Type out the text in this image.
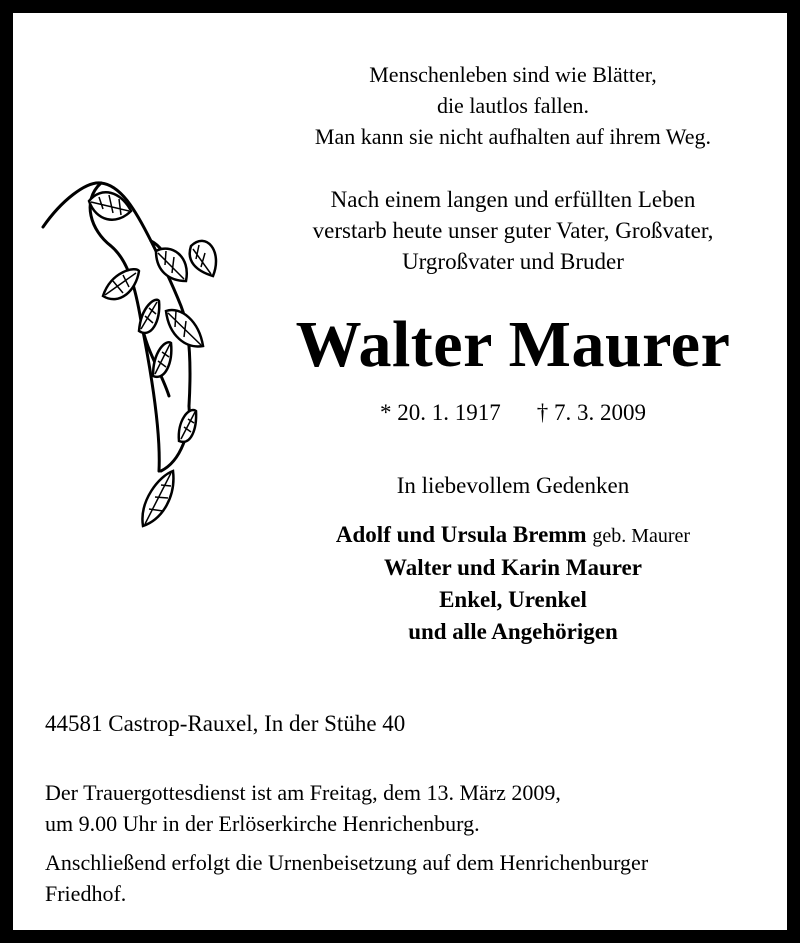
Menschenleben sind wie Blätter,
die lautlos fallen.
Man kann sie nicht aufhalten auf ihrem Weg.
Nach einem langen und erfüllten Leben
verstarb heute unser guter Vater, Großvater,
Urgroßvater und Bruder
Walter Maurer
* 20. 1. 1917 † 7. 3. 2009
In liebevollem Gedenken
Adolf und Ursula Bremm geb. Maurer
Walter und Karin Maurer
Enkel, Urenkel
und alle Angehörigen
44581 Castrop-Rauxel, In der Stühe 40
Der Trauergottesdienst ist am Freitag, dem 13. März 2009,
um 9.00 Uhr in der Erlöserkirche Henrichenburg.
Anschließend erfolgt die Urnenbeisetzung auf dem Henrichenburger
Friedhof.
